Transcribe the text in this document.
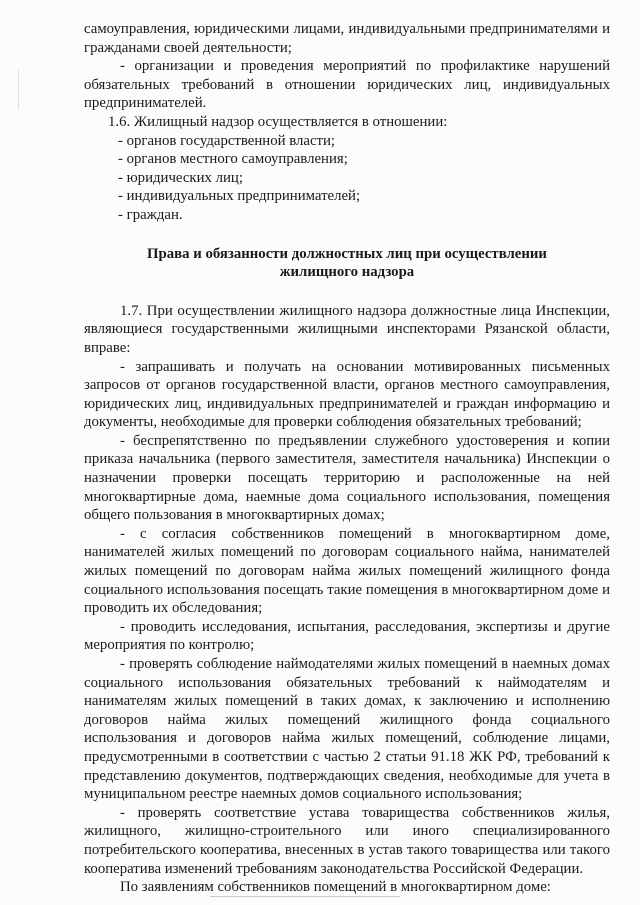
самоуправления, юридическими лицами, индивидуальными предпринимателями и гражданами своей деятельности;

- организации и проведения мероприятий по профилактике нарушений обязательных требований в отношении юридических лиц, индивидуальных предпринимателей.

1.6. Жилищный надзор осуществляется в отношении:

- органов государственной власти;

- органов местного самоуправления;

- юридических лиц;

- индивидуальных предпринимателей;

- граждан.

Права и обязанности должностных лиц при осуществлении
жилищного надзора

1.7. При осуществлении жилищного надзора должностные лица Инспекции, являющиеся государственными жилищными инспекторами Рязанской области, вправе:

- запрашивать и получать на основании мотивированных письменных запросов от органов государственной власти, органов местного самоуправления, юридических лиц, индивидуальных предпринимателей и граждан информацию и документы, необходимые для проверки соблюдения обязательных требований;

- беспрепятственно по предъявлении служебного удостоверения и копии приказа начальника (первого заместителя, заместителя начальника) Инспекции о назначении проверки посещать территорию и расположенные на ней многоквартирные дома, наемные дома социального использования, помещения общего пользования в многоквартирных домах;

- с согласия собственников помещений в многоквартирном доме, нанимателей жилых помещений по договорам социального найма, нанимателей жилых помещений по договорам найма жилых помещений жилищного фонда социального использования посещать такие помещения в многоквартирном доме и проводить их обследования;

- проводить исследования, испытания, расследования, экспертизы и другие мероприятия по контролю;

- проверять соблюдение наймодателями жилых помещений в наемных домах социального использования обязательных требований к наймодателям и нанимателям жилых помещений в таких домах, к заключению и исполнению договоров найма жилых помещений жилищного фонда социального использования и договоров найма жилых помещений, соблюдение лицами, предусмотренными в соответствии с частью 2 статьи 91.18 ЖК РФ, требований к представлению документов, подтверждающих сведения, необходимые для учета в муниципальном реестре наемных домов социального использования;

- проверять соответствие устава товарищества собственников жилья, жилищного, жилищно-строительного или иного специализированного потребительского кооператива, внесенных в устав такого товарищества или такого кооператива изменений требованиям законодательства Российской Федерации.

По заявлениям собственников помещений в многоквартирном доме:
